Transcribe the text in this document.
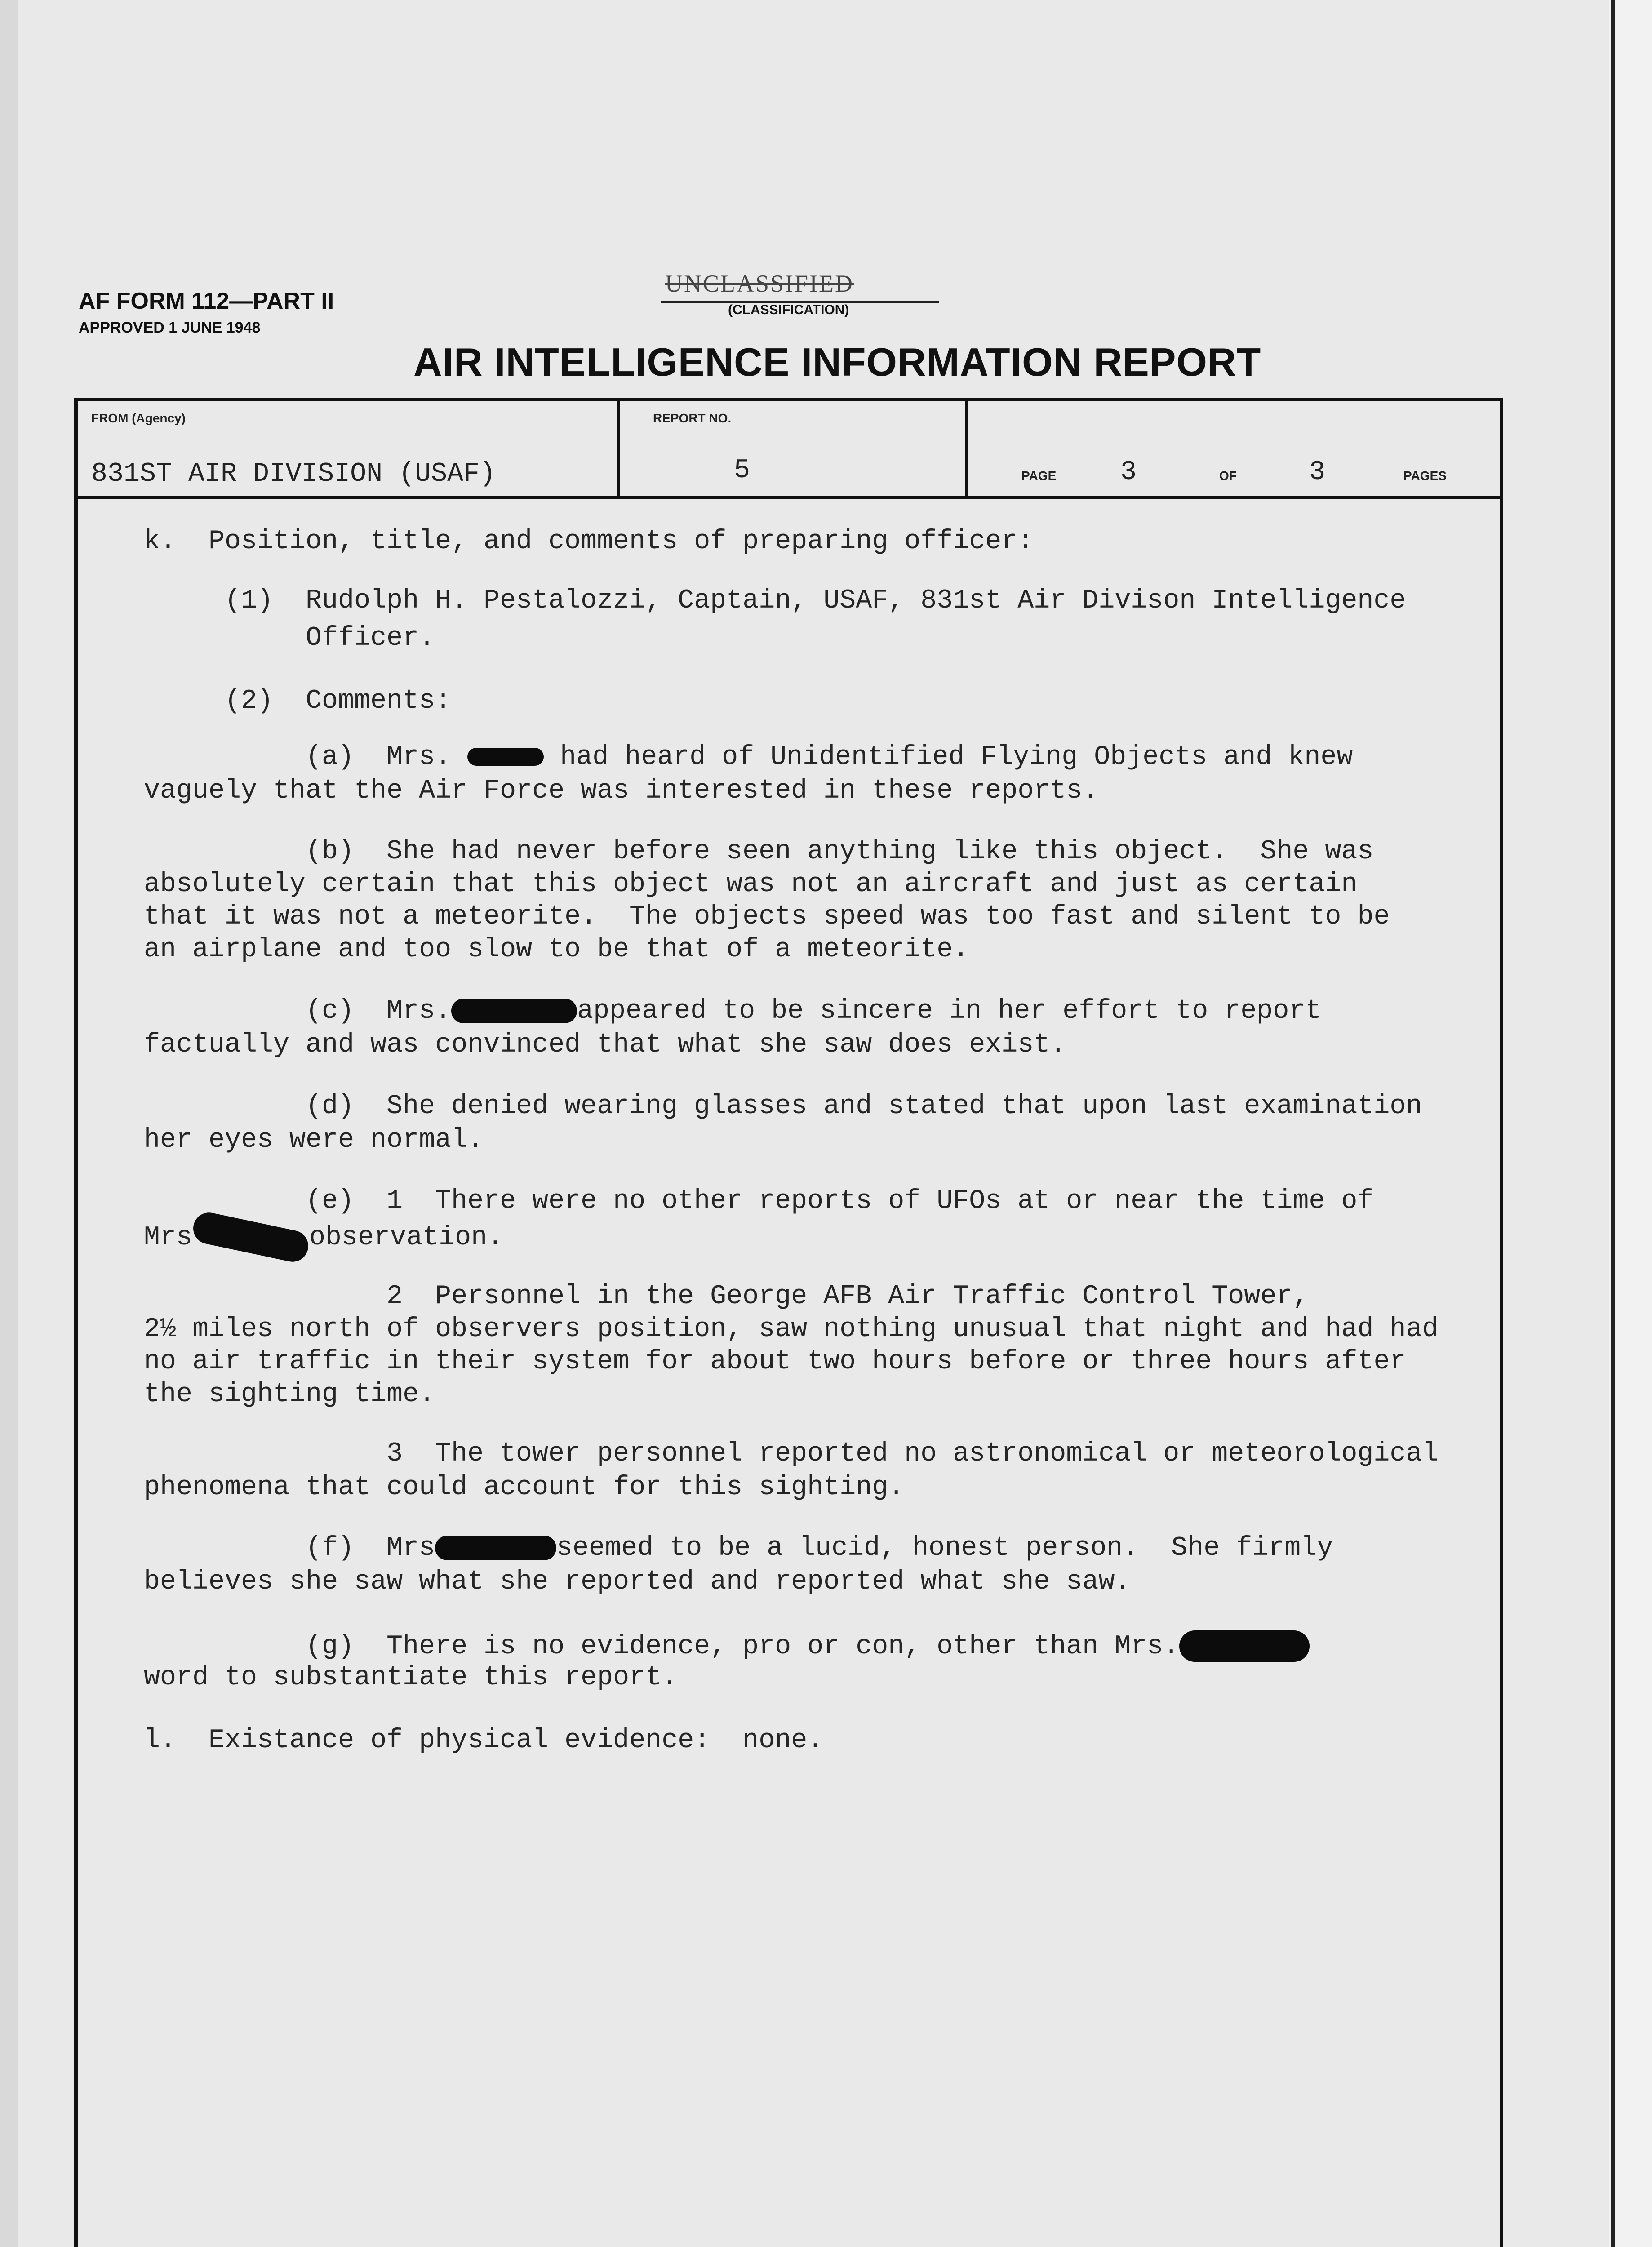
AF FORM 112—PART II
APPROVED 1 JUNE 1948
UNCLASSIFIED
(CLASSIFICATION)
AIR INTELLIGENCE INFORMATION REPORT
FROM (Agency)
831ST AIR DIVISION (USAF)
REPORT NO.
5	PAGE 3	OF	3	PAGES
k.  Position, title, and comments of preparing officer:
(1)  Rudolph H. Pestalozzi, Captain, USAF, 831st Air Divison Intelligence
Officer.
(2)  Comments:
(a)  Mrs.	had heard of Unidentified Flying Objects and knew
vaguely that the Air Force was interested in these reports.
(b)  She had never before seen anything like this object.  She was
absolutely certain that this object was not an aircraft and just as certain
that it was not a meteorite.  The objects speed was too fast and silent to be
an airplane and too slow to be that of a meteorite.
(c)  Mrs.	appeared to be sincere in her effort to report
factually and was convinced that what she saw does exist.
(d)  She denied wearing glasses and stated that upon last examination
her eyes were normal.
(e)  1  There were no other reports of UFOs at or near the time of
Mrs	observation.
2  Personnel in the George AFB Air Traffic Control Tower,
2½ miles north of observers position, saw nothing unusual that night and had had
no air traffic in their system for about two hours before or three hours after
the sighting time.
3  The tower personnel reported no astronomical or meteorological
phenomena that could account for this sighting.
(f)  Mrs	seemed to be a lucid, honest person.  She firmly
believes she saw what she reported and reported what she saw.
(g)  There is no evidence, pro or con, other than Mrs.
word to substantiate this report.
l.  Existance of physical evidence:  none.
